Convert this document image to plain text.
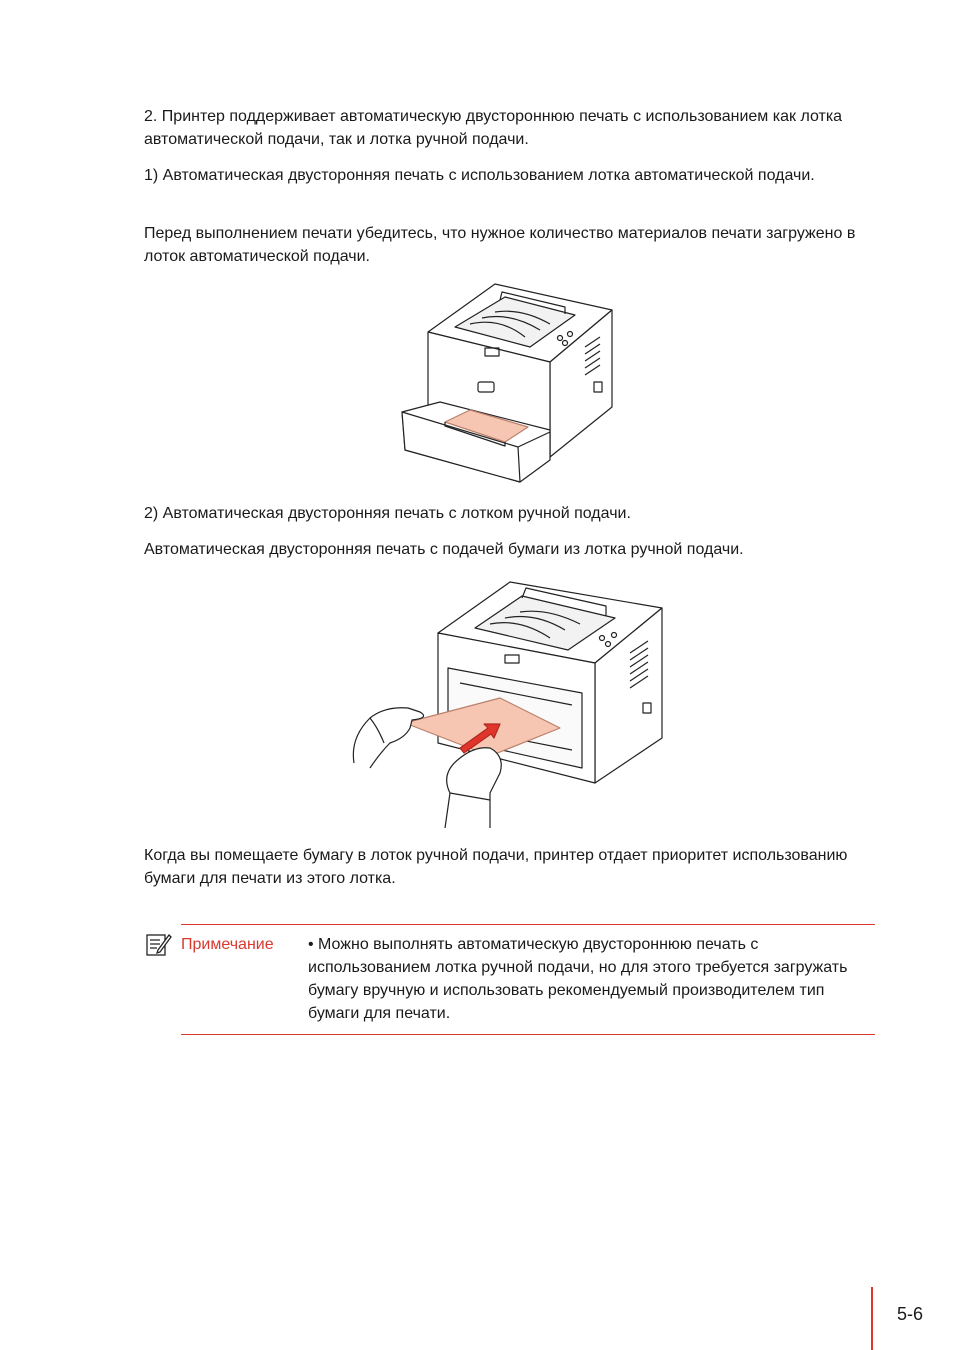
2. Принтер поддерживает автоматическую двустороннюю печать с использованием как лотка автоматической подачи, так и лотка ручной подачи.

1) Автоматическая двусторонняя печать с использованием лотка автоматической подачи.

Перед выполнением печати убедитесь, что нужное количество материалов печати загружено в лоток автоматической подачи.

2) Автоматическая двусторонняя печать с лотком ручной подачи.

Автоматическая двусторонняя печать с подачей бумаги из лотка ручной подачи.

Когда вы помещаете бумагу в лоток ручной подачи, принтер отдает приоритет использованию бумаги для печати из этого лотка.

Примечание • Можно выполнять автоматическую двустороннюю печать с использованием лотка ручной подачи, но для этого требуется загружать бумагу вручную и использовать рекомендуемый производителем тип бумаги для печати.

5-6
